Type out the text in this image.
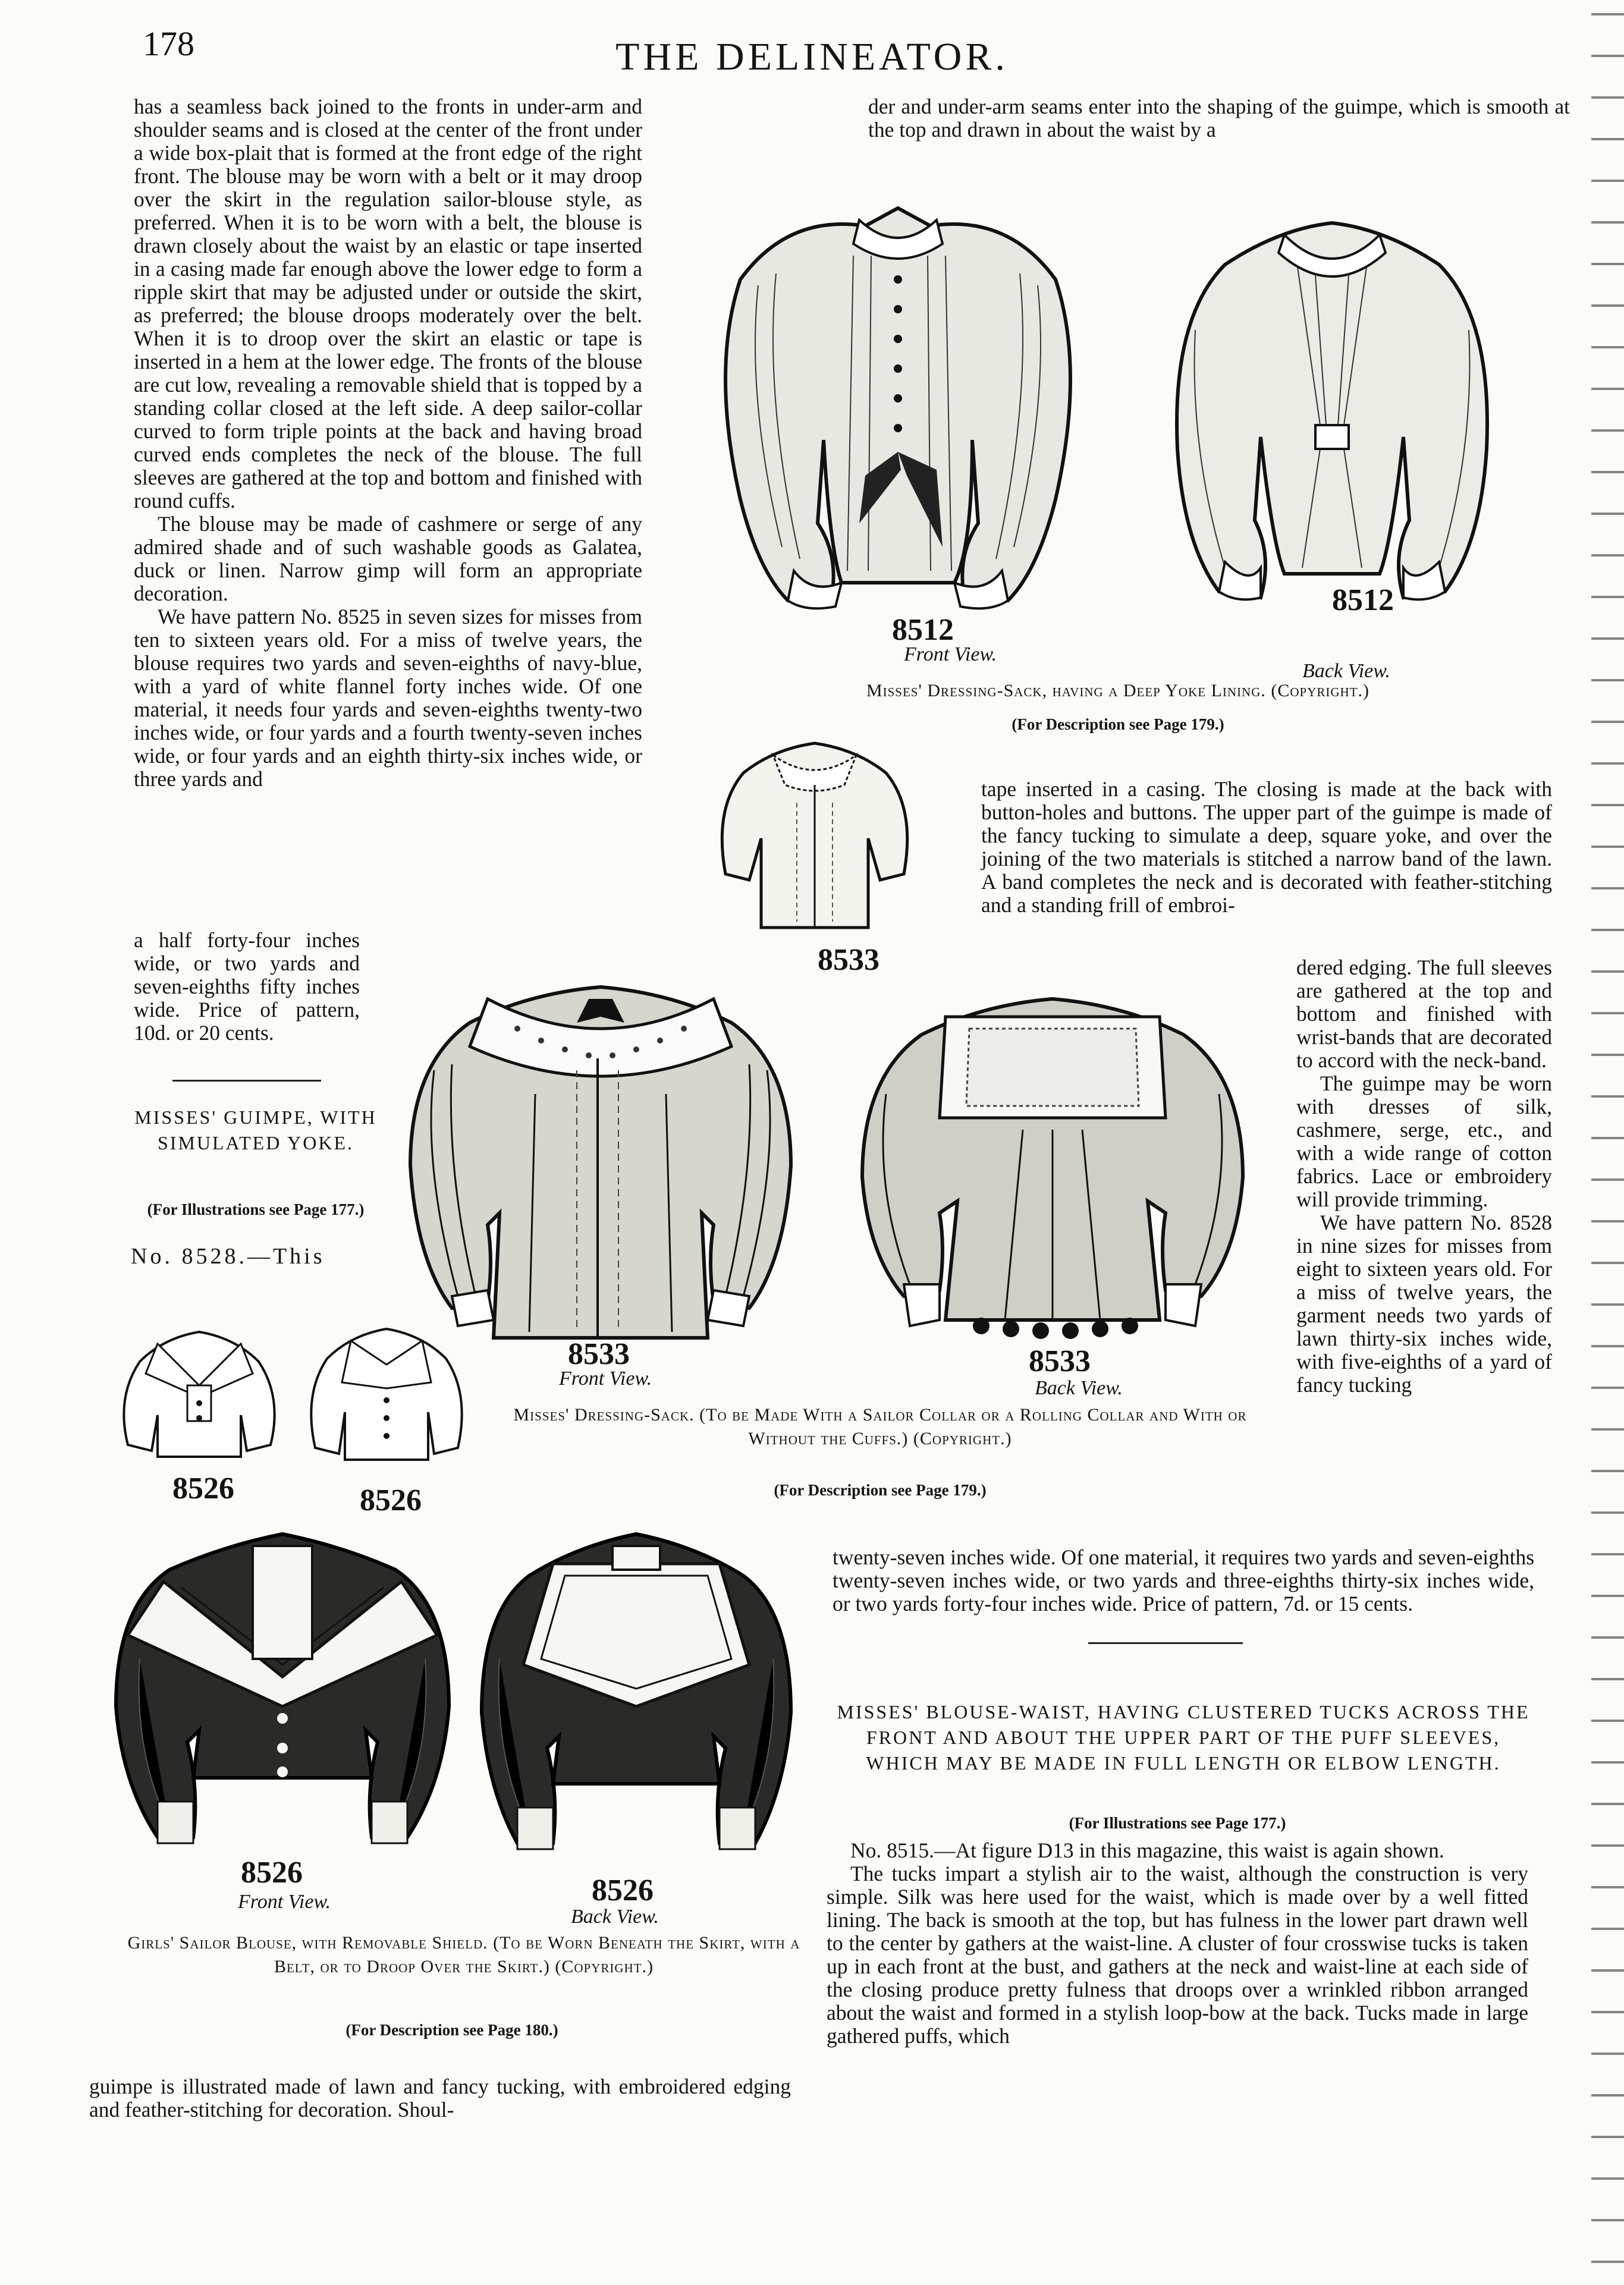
178	THE DELINEATOR.

has a seamless back joined to the fronts in under-arm and shoulder seams and is closed at the center of the front under a wide box-plait that is formed at the front edge of the right front. The blouse may be worn with a belt or it may droop over the skirt in the regulation sailor-blouse style, as preferred. When it is to be worn with a belt, the blouse is drawn closely about the waist by an elastic or tape inserted in a casing made far enough above the lower edge to form a ripple skirt that may be adjusted under or outside the skirt, as preferred; the blouse droops moderately over the belt. When it is to droop over the skirt an elastic or tape is inserted in a hem at the lower edge. The fronts of the blouse are cut low, revealing a removable shield that is topped by a standing collar closed at the left side. A deep sailor-collar curved to form triple points at the back and having broad curved ends completes the neck of the blouse. The full sleeves are gathered at the top and bottom and finished with round cuffs.

The blouse may be made of cashmere or serge of any admired shade and of such washable goods as Galatea, duck or linen. Narrow gimp will form an appropriate decoration.

We have pattern No. 8525 in seven sizes for misses from ten to sixteen years old. For a miss of twelve years, the blouse requires two yards and seven-eighths of navy-blue, with a yard of white flannel forty inches wide. Of one material, it needs four yards and seven-eighths twenty-two inches wide, or four yards and a fourth twenty-seven inches wide, or four yards and an eighth thirty-six inches wide, or three yards and

a half forty-four inches wide, or two yards and seven-eighths fifty inches wide. Price of pattern, 10d. or 20 cents.

MISSES' GUIMPE, WITH SIMULATED YOKE.
(For Illustrations see Page 177.)
No. 8528.—This
der and under-arm seams enter into the shaping of the guimpe, which is smooth at the top and drawn in about the waist by a
8512
Front View.
8512
Back View.
Misses' Dressing-Sack, having a Deep Yoke Lining. (Copyright.)
(For Description see Page 179.)
8533

tape inserted in a casing. The closing is made at the back with button-holes and buttons. The upper part of the guimpe is made of the fancy tucking to simulate a deep, square yoke, and over the joining of the two materials is stitched a narrow band of the lawn. A band completes the neck and is decorated with feather-stitching and a standing frill of embroi-

dered edging. The full sleeves are gathered at the top and bottom and finished with wrist-bands that are decorated to accord with the neck-band.

The guimpe may be worn with dresses of silk, cashmere, serge, etc., and with a wide range of cotton fabrics. Lace or embroidery will provide trimming.

We have pattern No. 8528 in nine sizes for misses from eight to sixteen years old. For a miss of twelve years, the garment needs two yards of lawn thirty-six inches wide, with five-eighths of a yard of fancy tucking

twenty-seven inches wide. Of one material, it requires two yards and seven-eighths twenty-seven inches wide, or two yards and three-eighths thirty-six inches wide, or two yards forty-four inches wide. Price of pattern, 7d. or 15 cents.
8533
Front View.
8533
Back View.
Misses' Dressing-Sack. (To be Made With a Sailor Collar or a Rolling Collar and With or Without the Cuffs.) (Copyright.)
(For Description see Page 179.)
8526	8526
8526
Front View.	8526
Back View.
Girls' Sailor Blouse, with Removable Shield. (To be Worn Beneath the Skirt, with a Belt, or to Droop Over the Skirt.) (Copyright.)
(For Description see Page 180.)
guimpe is illustrated made of lawn and fancy tucking, with embroidered edging and feather-stitching for decoration. Shoul-
MISSES' BLOUSE-WAIST, HAVING CLUSTERED TUCKS ACROSS THE FRONT AND ABOUT THE UPPER PART OF THE PUFF SLEEVES, WHICH MAY BE MADE IN FULL LENGTH OR ELBOW LENGTH.
(For Illustrations see Page 177.)

No. 8515.—At figure D13 in this magazine, this waist is again shown.

The tucks impart a stylish air to the waist, although the construction is very simple. Silk was here used for the waist, which is made over by a well fitted lining. The back is smooth at the top, but has fulness in the lower part drawn well to the center by gathers at the waist-line. A cluster of four crosswise tucks is taken up in each front at the bust, and gathers at the neck and waist-line at each side of the closing produce pretty fulness that droops over a wrinkled ribbon arranged about the waist and formed in a stylish loop-bow at the back. Tucks made in large gathered puffs, which
